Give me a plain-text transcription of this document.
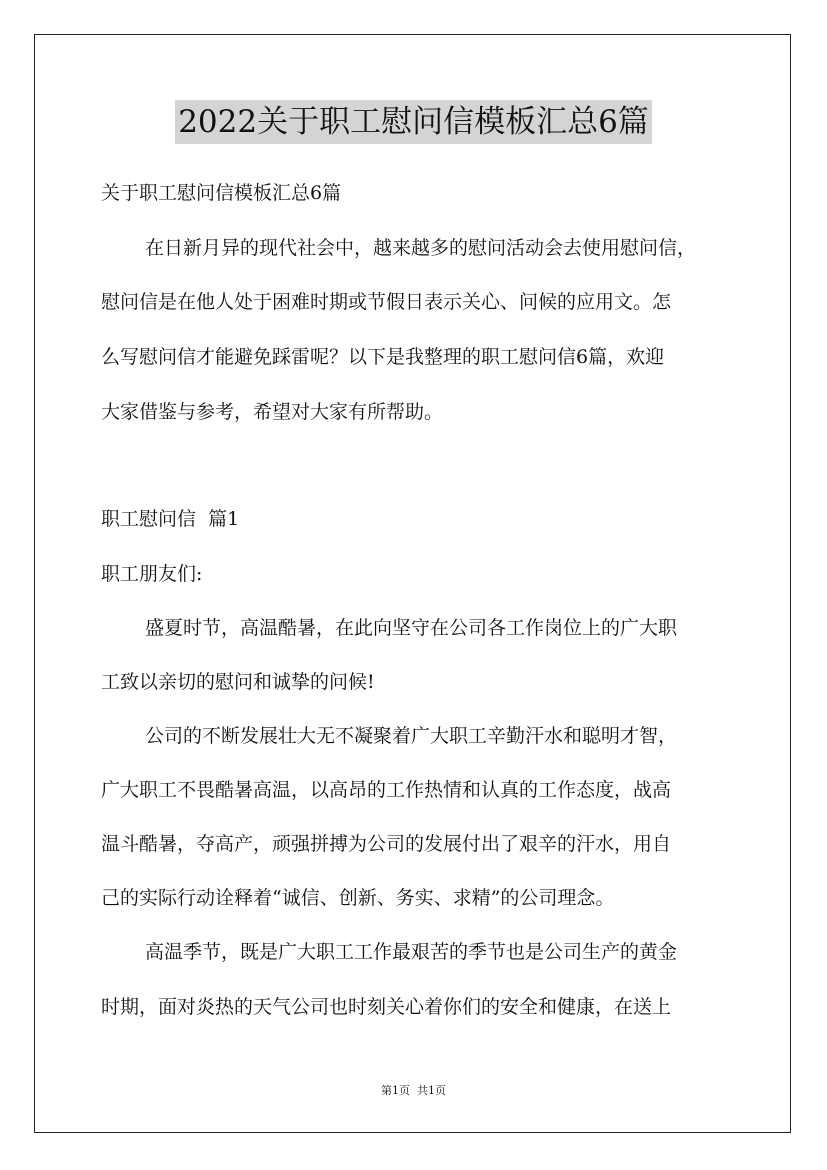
2022关于职工慰问信模板汇总6篇
关于职工慰问信模板汇总6篇
在日新月异的现代社会中，越来越多的慰问活动会去使用慰问信，
慰问信是在他人处于困难时期或节假日表示关心、问候的应用文。怎
么写慰问信才能避免踩雷呢？以下是我整理的职工慰问信6篇，欢迎
大家借鉴与参考，希望对大家有所帮助。
职工慰问信  篇1
职工朋友们:
盛夏时节，高温酷暑，在此向坚守在公司各工作岗位上的广大职
工致以亲切的慰问和诚挚的问候!
公司的不断发展壮大无不凝聚着广大职工辛勤汗水和聪明才智，
广大职工不畏酷暑高温，以高昂的工作热情和认真的工作态度，战高
温斗酷暑，夺高产，顽强拼搏为公司的发展付出了艰辛的汗水，用自
己的实际行动诠释着“诚信、创新、务实、求精”的公司理念。
高温季节，既是广大职工工作最艰苦的季节也是公司生产的黄金
时期，面对炎热的天气公司也时刻关心着你们的安全和健康，在送上
第1页  共1页
